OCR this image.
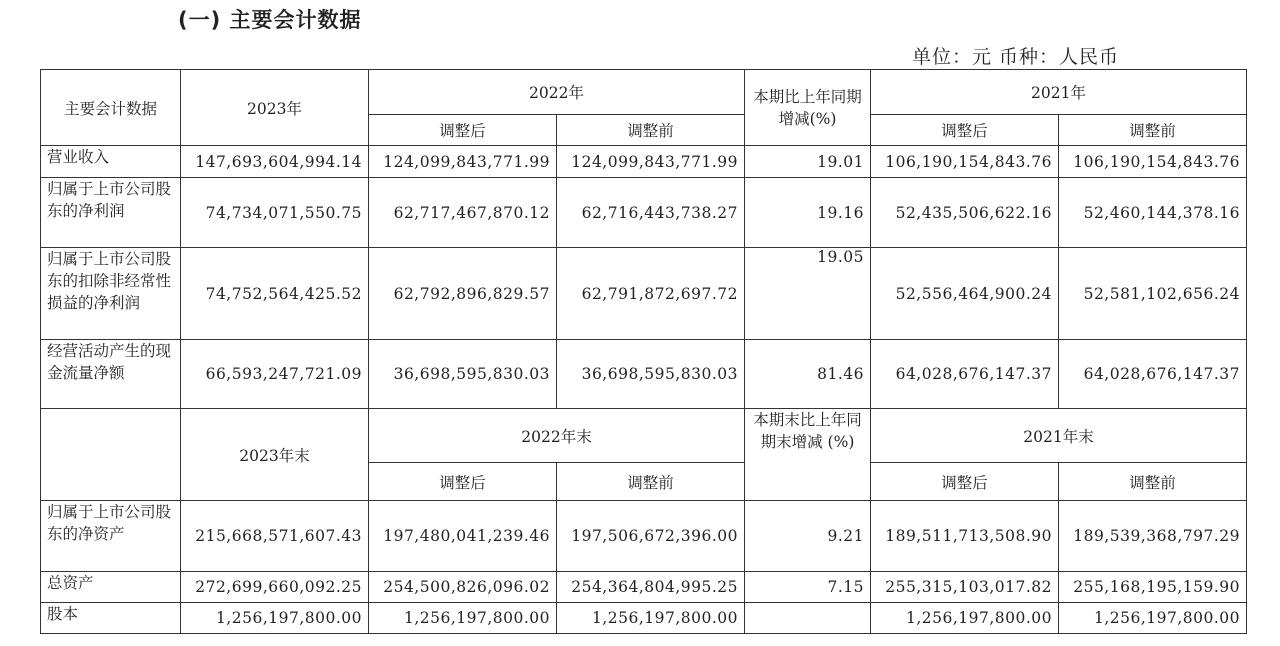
(一) 主要会计数据
单位：元 币种：人民币
主要会计数据	2023年	2022年		本期比上年同期增减(%)	2021年	
		调整后	调整前		调整后	调整前
营业收入	147,693,604,994.14	124,099,843,771.99	124,099,843,771.99	19.01	106,190,154,843.76	106,190,154,843.76
归属于上市公司股东的净利润	74,734,071,550.75	62,717,467,870.12	62,716,443,738.27	19.16	52,435,506,622.16	52,460,144,378.16
归属于上市公司股东的扣除非经常性损益的净利润	74,752,564,425.52	62,792,896,829.57	62,791,872,697.72	19.05	52,556,464,900.24	52,581,102,656.24
经营活动产生的现金流量净额	66,593,247,721.09	36,698,595,830.03	36,698,595,830.03	81.46	64,028,676,147.37	64,028,676,147.37
	2023年末	2022年末		本期末比上年同期末增减 (%)	2021年末	
		调整后	调整前		调整后	调整前
归属于上市公司股东的净资产	215,668,571,607.43	197,480,041,239.46	197,506,672,396.00	9.21	189,511,713,508.90	189,539,368,797.29
总资产	272,699,660,092.25	254,500,826,096.02	254,364,804,995.25	7.15	255,315,103,017.82	255,168,195,159.90
股本	1,256,197,800.00	1,256,197,800.00	1,256,197,800.00		1,256,197,800.00	1,256,197,800.00
